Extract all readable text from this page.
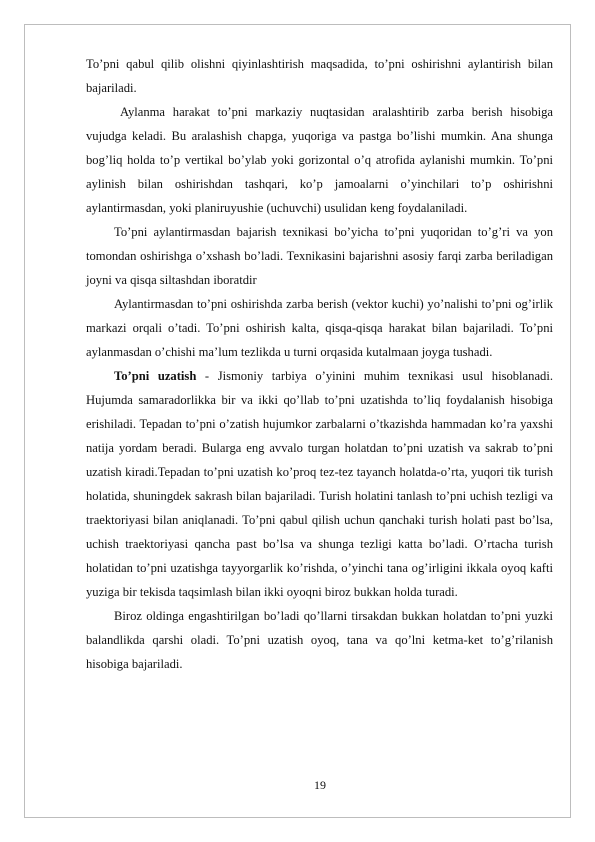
To’pni qabul qilib olishni qiyinlashtirish maqsadida, to’pni oshirishni aylantirish bilan bajariladi.

Aylanma harakat to’pni markaziy nuqtasidan aralashtirib zarba berish hisobiga vujudga keladi. Bu aralashish chapga, yuqoriga va pastga bo’lishi mumkin. Ana shunga bog’liq holda to’p vertikal bo’ylab yoki gorizontal o’q atrofida aylanishi mumkin. To’pni aylinish bilan oshirishdan tashqari, ko’p jamoalarni o’yinchilari to’p oshirishni aylantirmasdan, yoki planiruyushie (uchuvchi) usulidan keng foydalaniladi.

To’pni aylantirmasdan bajarish texnikasi bo’yicha to’pni yuqoridan to’g’ri va yon tomondan oshirishga o’xshash bo’ladi. Texnikasini bajarishni asosiy farqi zarba beriladigan joyni va qisqa siltashdan iboratdir

Aylantirmasdan to’pni oshirishda zarba berish (vektor kuchi) yo’nalishi to’pni og’irlik markazi orqali o’tadi. To’pni oshirish kalta, qisqa-qisqa harakat bilan bajariladi. To’pni aylanmasdan o’chishi ma’lum tezlikda u turni orqasida kutalmaan joyga tushadi.

To’pni uzatish - Jismoniy tarbiya o’yinini muhim texnikasi usul hisoblanadi. Hujumda samaradorlikka bir va ikki qo’llab to’pni uzatishda to’liq foydalanish hisobiga erishiladi. Tepadan to’pni o’zatish hujumkor zarbalarni o’tkazishda hammadan ko’ra yaxshi natija yordam beradi. Bularga eng avvalo turgan holatdan to’pni uzatish va sakrab to’pni uzatish kiradi.Tepadan to’pni uzatish ko’proq tez-tez tayanch holatda-o’rta, yuqori tik turish holatida, shuningdek sakrash bilan bajariladi. Turish holatini tanlash to’pni uchish tezligi va traektoriyasi bilan aniqlanadi. To’pni qabul qilish uchun qanchaki turish holati past bo’lsa, uchish traektoriyasi qancha past bo’lsa va shunga tezligi katta bo’ladi. O’rtacha turish holatidan to’pni uzatishga tayyorgarlik ko’rishda, o’yinchi tana og’irligini ikkala oyoq kafti yuziga bir tekisda taqsimlash bilan ikki oyoqni biroz bukkan holda turadi.

Biroz oldinga engashtirilgan bo’ladi qo’llarni tirsakdan bukkan holatdan to’pni yuzki balandlikda qarshi oladi. To’pni uzatish oyoq, tana va qo’lni ketma-ket to’g’rilanish hisobiga bajariladi.

19
